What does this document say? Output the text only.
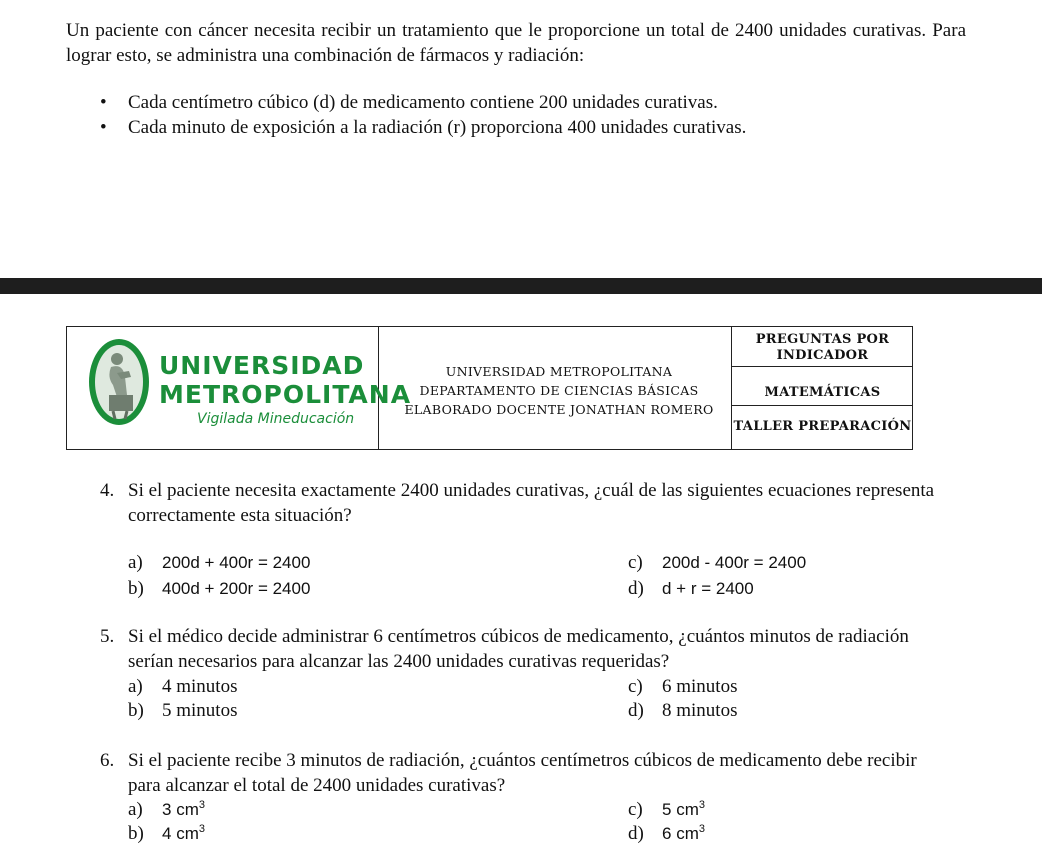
Un paciente con cáncer necesita recibir un tratamiento que le proporcione un total de 2400 unidades curativas. Para lograr esto, se administra una combinación de fármacos y radiación:
• Cada centímetro cúbico (d) de medicamento contiene 200 unidades curativas.
• Cada minuto de exposición a la radiación (r) proporciona 400 unidades curativas.
UNIVERSIDAD
METROPOLITANA
Vigilada Mineducación
UNIVERSIDAD METROPOLITANA
DEPARTAMENTO DE CIENCIAS BÁSICAS
ELABORADO DOCENTE JONATHAN ROMERO
PREGUNTAS POR
INDICADOR
MATEMÁTICAS
TALLER PREPARACIÓN
4. Si el paciente necesita exactamente 2400 unidades curativas, ¿cuál de las siguientes ecuaciones representa correctamente esta situación?
a) 200d + 400r = 2400
b) 400d + 200r = 2400
c) 200d - 400r = 2400
d) d + r = 2400
5. Si el médico decide administrar 6 centímetros cúbicos de medicamento, ¿cuántos minutos de radiación serían necesarios para alcanzar las 2400 unidades curativas requeridas?
a) 4 minutos
b) 5 minutos
c) 6 minutos
d) 8 minutos
6. Si el paciente recibe 3 minutos de radiación, ¿cuántos centímetros cúbicos de medicamento debe recibir para alcanzar el total de 2400 unidades curativas?
a) 3 $cm^3$
b) 4 $cm^3$
c) 5 $cm^3$
d) 6 $cm^3$
